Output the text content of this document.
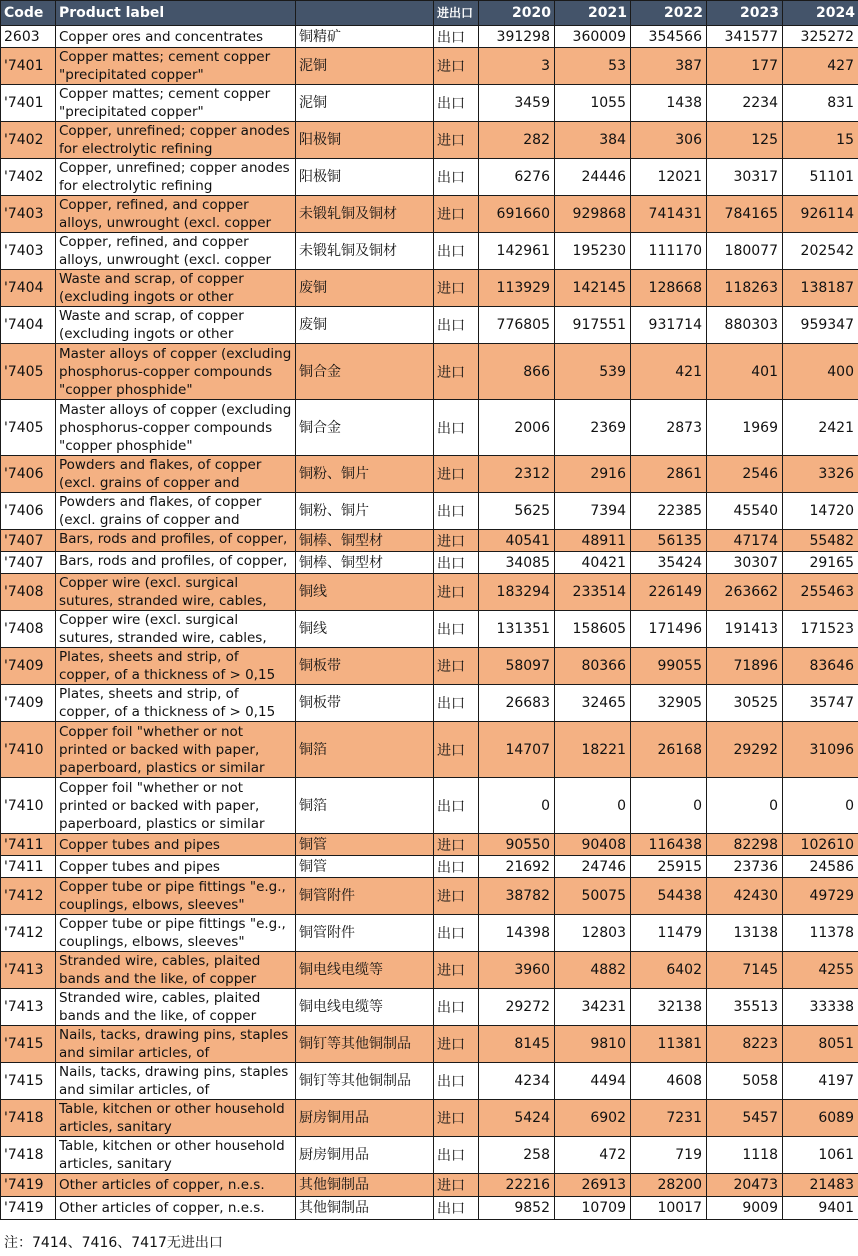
Code	Product label		进出口	2020	2021	2022	2023	2024
2603	Copper ores and concentrates	铜精矿	出口	391298	360009	354566	341577	325272
'7401	Copper mattes; cement copper "precipitated copper"	泥铜	进口	3	53	387	177	427
'7401	Copper mattes; cement copper "precipitated copper"	泥铜	出口	3459	1055	1438	2234	831
'7402	Copper, unrefined; copper anodes for electrolytic refining	阳极铜	进口	282	384	306	125	15
'7402	Copper, unrefined; copper anodes for electrolytic refining	阳极铜	出口	6276	24446	12021	30317	51101
'7403	Copper, refined, and copper alloys, unwrought (excl. copper	未锻轧铜及铜材	进口	691660	929868	741431	784165	926114
'7403	Copper, refined, and copper alloys, unwrought (excl. copper	未锻轧铜及铜材	出口	142961	195230	111170	180077	202542
'7404	Waste and scrap, of copper (excluding ingots or other	废铜	进口	113929	142145	128668	118263	138187
'7404	Waste and scrap, of copper (excluding ingots or other	废铜	出口	776805	917551	931714	880303	959347
'7405	Master alloys of copper (excluding phosphorus-copper compounds "copper phosphide"	铜合金	进口	866	539	421	401	400
'7405	Master alloys of copper (excluding phosphorus-copper compounds "copper phosphide"	铜合金	出口	2006	2369	2873	1969	2421
'7406	Powders and flakes, of copper (excl. grains of copper and	铜粉、铜片	进口	2312	2916	2861	2546	3326
'7406	Powders and flakes, of copper (excl. grains of copper and	铜粉、铜片	出口	5625	7394	22385	45540	14720
'7407	Bars, rods and profiles, of copper,	铜棒、铜型材	进口	40541	48911	56135	47174	55482
'7407	Bars, rods and profiles, of copper,	铜棒、铜型材	出口	34085	40421	35424	30307	29165
'7408	Copper wire (excl. surgical sutures, stranded wire, cables,	铜线	进口	183294	233514	226149	263662	255463
'7408	Copper wire (excl. surgical sutures, stranded wire, cables,	铜线	出口	131351	158605	171496	191413	171523
'7409	Plates, sheets and strip, of copper, of a thickness of > 0,15	铜板带	进口	58097	80366	99055	71896	83646
'7409	Plates, sheets and strip, of copper, of a thickness of > 0,15	铜板带	出口	26683	32465	32905	30525	35747
'7410	Copper foil "whether or not printed or backed with paper, paperboard, plastics or similar	铜箔	进口	14707	18221	26168	29292	31096
'7410	Copper foil "whether or not printed or backed with paper, paperboard, plastics or similar	铜箔	出口	0	0	0	0	0
'7411	Copper tubes and pipes	铜管	进口	90550	90408	116438	82298	102610
'7411	Copper tubes and pipes	铜管	出口	21692	24746	25915	23736	24586
'7412	Copper tube or pipe fittings "e.g., couplings, elbows, sleeves"	铜管附件	进口	38782	50075	54438	42430	49729
'7412	Copper tube or pipe fittings "e.g., couplings, elbows, sleeves"	铜管附件	出口	14398	12803	11479	13138	11378
'7413	Stranded wire, cables, plaited bands and the like, of copper	铜电线电缆等	进口	3960	4882	6402	7145	4255
'7413	Stranded wire, cables, plaited bands and the like, of copper	铜电线电缆等	出口	29272	34231	32138	35513	33338
'7415	Nails, tacks, drawing pins, staples and similar articles, of	铜钉等其他铜制品	进口	8145	9810	11381	8223	8051
'7415	Nails, tacks, drawing pins, staples and similar articles, of	铜钉等其他铜制品	出口	4234	4494	4608	5058	4197
'7418	Table, kitchen or other household articles, sanitary	厨房铜用品	进口	5424	6902	7231	5457	6089
'7418	Table, kitchen or other household articles, sanitary	厨房铜用品	出口	258	472	719	1118	1061
'7419	Other articles of copper, n.e.s.	其他铜制品	进口	22216	26913	28200	20473	21483
'7419	Other articles of copper, n.e.s.	其他铜制品	出口	9852	10709	10017	9009	9401
注：7414、7416、7417无进出口
